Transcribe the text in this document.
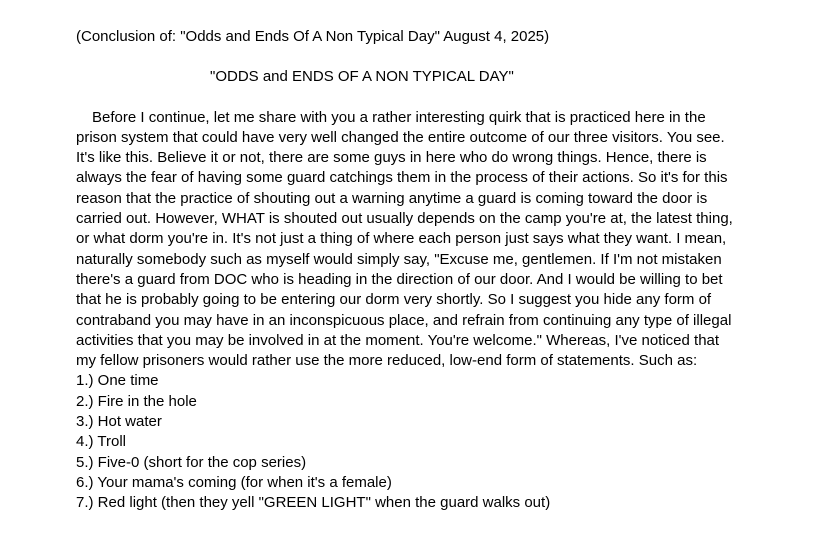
(Conclusion of: "Odds and Ends Of A Non Typical Day" August 4, 2025)

"ODDS and ENDS OF A NON TYPICAL DAY"

Before I continue, let me share with you a rather interesting quirk that is practiced here in the prison system that could have very well changed the entire outcome of our three visitors. You see. It's like this. Believe it or not, there are some guys in here who do wrong things. Hence, there is always the fear of having some guard catchings them in the process of their actions. So it's for this reason that the practice of shouting out a warning anytime a guard is coming toward the door is carried out. However, WHAT is shouted out usually depends on the camp you're at, the latest thing, or what dorm you're in. It's not just a thing of where each person just says what they want. I mean, naturally somebody such as myself would simply say, "Excuse me, gentlemen. If I'm not mistaken there's a guard from DOC who is heading in the direction of our door. And I would be willing to bet that he is probably going to be entering our dorm very shortly. So I suggest you hide any form of contraband you may have in an inconspicuous place, and refrain from continuing any type of illegal activities that you may be involved in at the moment. You're welcome." Whereas, I've noticed that my fellow prisoners would rather use the more reduced, low-end form of statements. Such as:

1.) One time
2.) Fire in the hole
3.) Hot water
4.) Troll
5.) Five-0 (short for the cop series)
6.) Your mama's coming (for when it's a female)
7.) Red light (then they yell "GREEN LIGHT" when the guard walks out)
